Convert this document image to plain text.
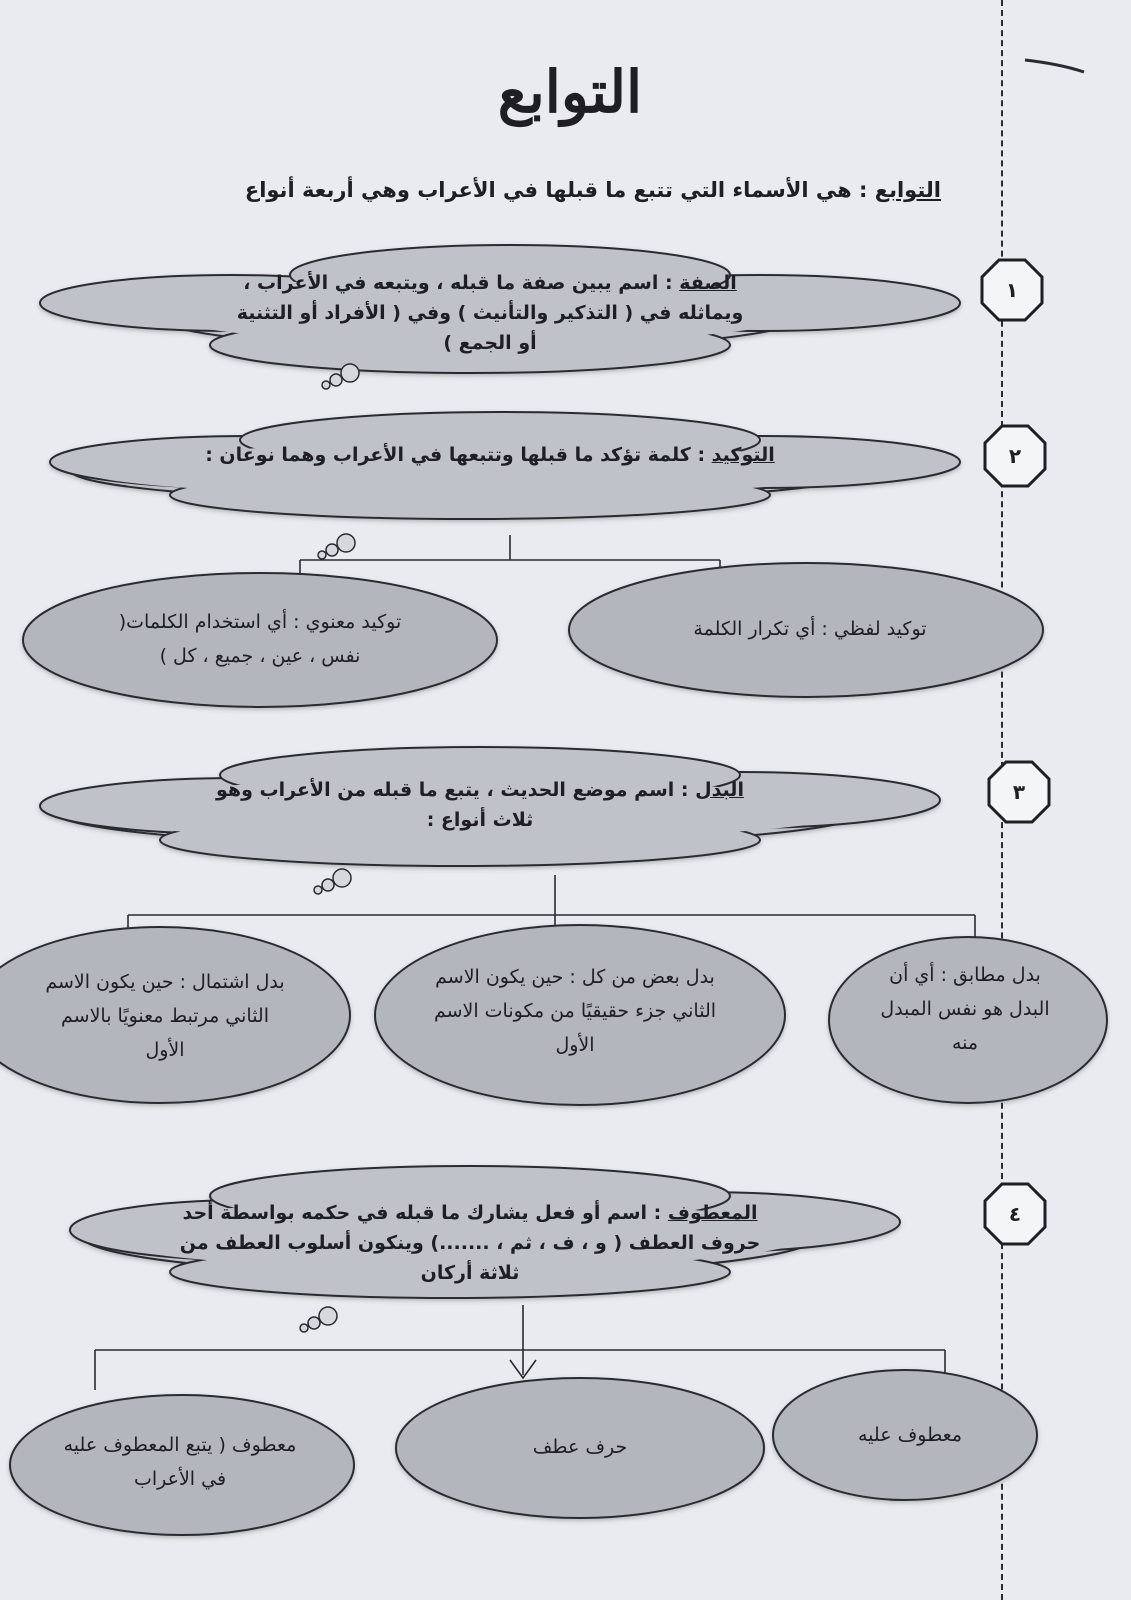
التوابع
التوابع : هي الأسماء التي تتبع ما قبلها في الأعراب وهي أربعة أنواع
١
٢
٣
٤
الصفة : اسم يبين صفة ما قبله ، ويتبعه في الأعراب ، ويماثله في ( التذكير والتأنيث ) وفي ( الأفراد أو التثنية أو الجمع )
التوكيد : كلمة تؤكد ما قبلها وتتبعها في الأعراب وهما نوعان :
البدل : اسم موضع الحديث ، يتبع ما قبله من الأعراب وهو ثلاث أنواع :
المعطوف : اسم أو فعل يشارك ما قبله في حكمه بواسطة أحد حروف العطف ( و ، ف ، ثم ، .......) وينكون أسلوب العطف من ثلاثة أركان
توكيد لفظي : أي تكرار الكلمة
توكيد معنوي : أي استخدام الكلمات( نفس ، عين ، جميع ، كل )
بدل مطابق : أي أن البدل هو نفس المبدل منه
بدل بعض من كل : حين يكون الاسم الثاني جزء حقيقيًا من مكونات الاسم الأول
بدل اشتمال : حين يكون الاسم الثاني مرتبط معنويًا بالاسم الأول
معطوف عليه
حرف عطف
معطوف ( يتبع المعطوف عليه في الأعراب
